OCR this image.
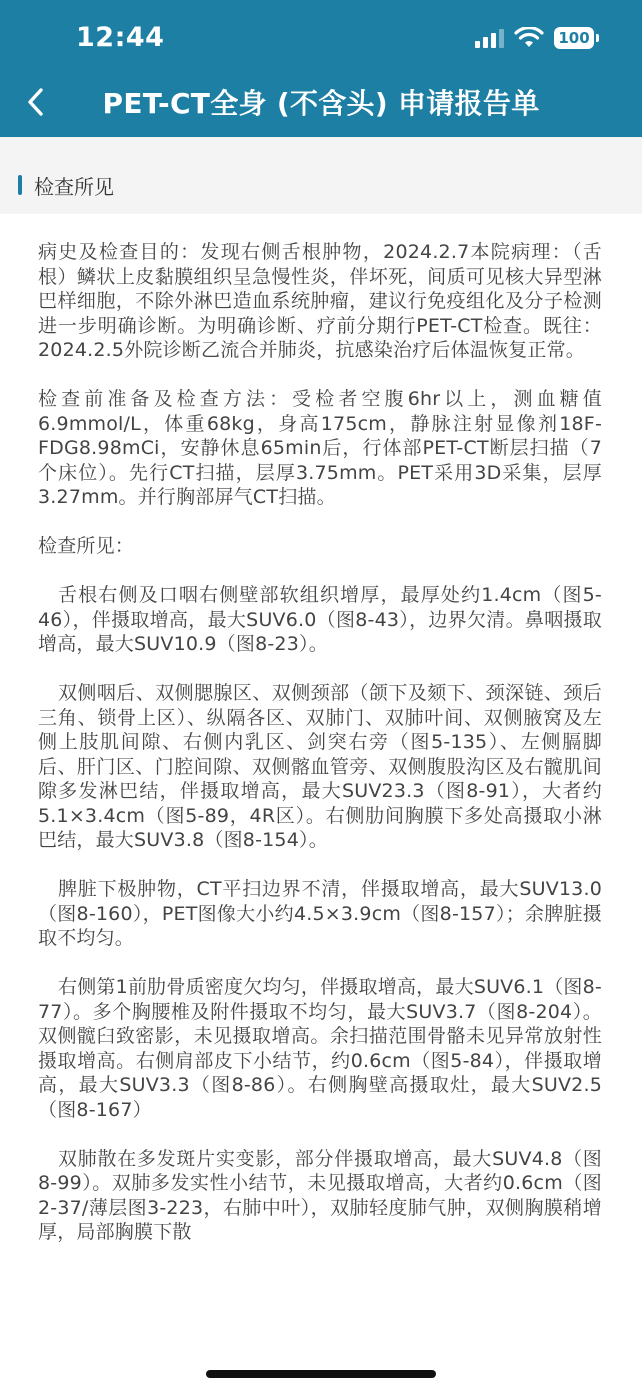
12:44	100
PET-CT全身 (不含头) 申请报告单
检查所见

病史及检查目的：发现右侧舌根肿物，2024.2.7本院病理：（舌根）鳞状上皮黏膜组织呈急慢性炎，伴坏死，间质可见核大异型淋巴样细胞，不除外淋巴造血系统肿瘤，建议行免疫组化及分子检测进一步明确诊断。为明确诊断、疗前分期行PET-CT检查。既往：2024.2.5外院诊断乙流合并肺炎，抗感染治疗后体温恢复正常。

检查前准备及检查方法：受检者空腹6hr以上，测血糖值6.9mmol/L，体重68kg，身高175cm，静脉注射显像剂18F-FDG8.98mCi，安静休息65min后，行体部PET-CT断层扫描（7个床位）。先行CT扫描，层厚3.75mm。PET采用3D采集，层厚3.27mm。并行胸部屏气CT扫描。

检查所见：

舌根右侧及口咽右侧壁部软组织增厚，最厚处约1.4cm（图5-46），伴摄取增高，最大SUV6.0（图8-43），边界欠清。鼻咽摄取增高，最大SUV10.9（图8-23）。

双侧咽后、双侧腮腺区、双侧颈部（颌下及颏下、颈深链、颈后三角、锁骨上区）、纵隔各区、双肺门、双肺叶间、双侧腋窝及左侧上肢肌间隙、右侧内乳区、剑突右旁（图5-135）、左侧膈脚后、肝门区、门腔间隙、双侧髂血管旁、双侧腹股沟区及右髋肌间隙多发淋巴结，伴摄取增高，最大SUV23.3（图8-91），大者约5.1×3.4cm（图5-89，4R区）。右侧肋间胸膜下多处高摄取小淋巴结，最大SUV3.8（图8-154）。

脾脏下极肿物，CT平扫边界不清，伴摄取增高，最大SUV13.0（图8-160），PET图像大小约4.5×3.9cm（图8-157）；余脾脏摄取不均匀。

右侧第1前肋骨质密度欠均匀，伴摄取增高，最大SUV6.1（图8-77）。多个胸腰椎及附件摄取不均匀，最大SUV3.7（图8-204）。双侧髋臼致密影，未见摄取增高。余扫描范围骨骼未见异常放射性摄取增高。右侧肩部皮下小结节，约0.6cm（图5-84），伴摄取增高，最大SUV3.3（图8-86）。右侧胸壁高摄取灶，最大SUV2.5（图8-167）

双肺散在多发斑片实变影，部分伴摄取增高，最大SUV4.8（图8-99）。双肺多发实性小结节，未见摄取增高，大者约0.6cm（图2-37/薄层图3-223，右肺中叶），双肺轻度肺气肿，双侧胸膜稍增厚，局部胸膜下散
